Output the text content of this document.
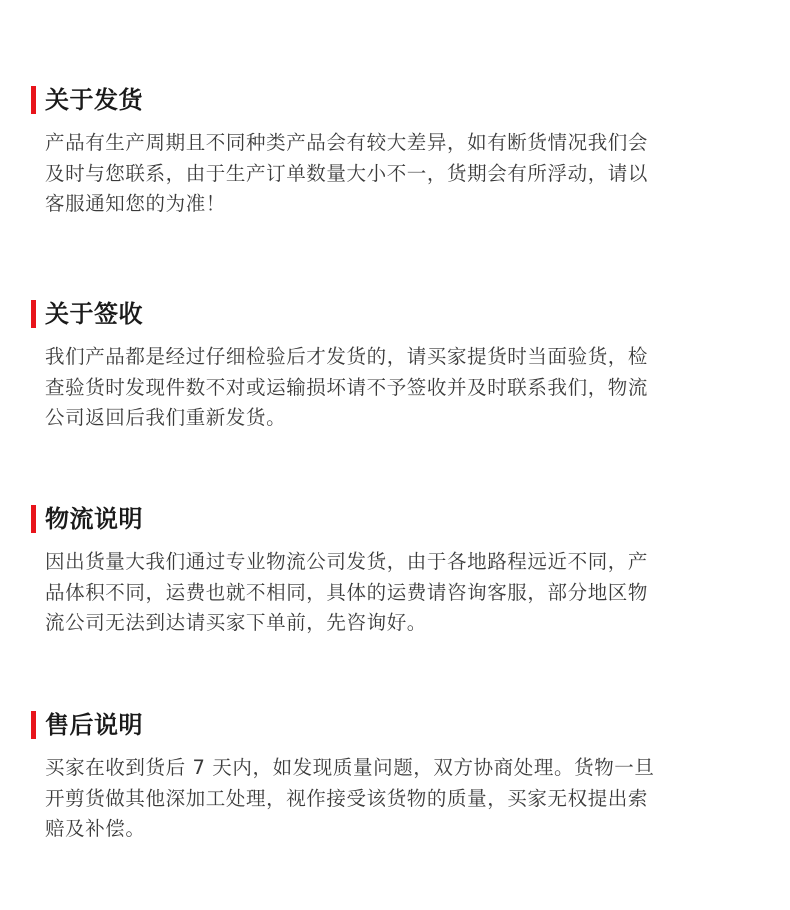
关于发货
产品有生产周期且不同种类产品会有较大差异，如有断货情况我们会
及时与您联系，由于生产订单数量大小不一，货期会有所浮动，请以
客服通知您的为准！
关于签收
我们产品都是经过仔细检验后才发货的，请买家提货时当面验货，检
查验货时发现件数不对或运输损坏请不予签收并及时联系我们，物流
公司返回后我们重新发货。
物流说明
因出货量大我们通过专业物流公司发货，由于各地路程远近不同，产
品体积不同，运费也就不相同，具体的运费请咨询客服，部分地区物
流公司无法到达请买家下单前，先咨询好。
售后说明
买家在收到货后 7 天内，如发现质量问题，双方协商处理。货物一旦
开剪货做其他深加工处理，视作接受该货物的质量，买家无权提出索
赔及补偿。
